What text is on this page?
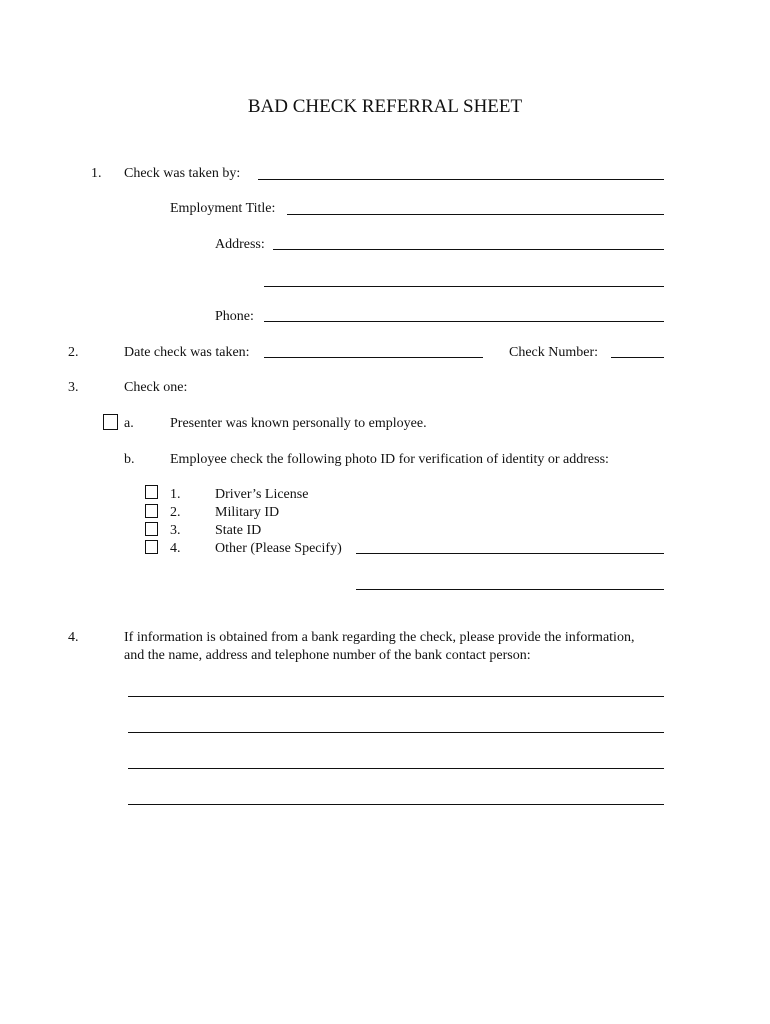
BAD CHECK REFERRAL SHEET
1. Check was taken by:
Employment Title:
Address:
Phone:
2.	Date check was taken:	Check Number:
3.	Check one:
a.	Presenter was known personally to employee.
b.	Employee check the following photo ID for verification of identity or address:
1. Driver’s License
2. Military ID
3. State ID
4. Other (Please Specify)
4.	If information is obtained from a bank regarding the check, please provide the information,
and the name, address and telephone number of the bank contact person:
